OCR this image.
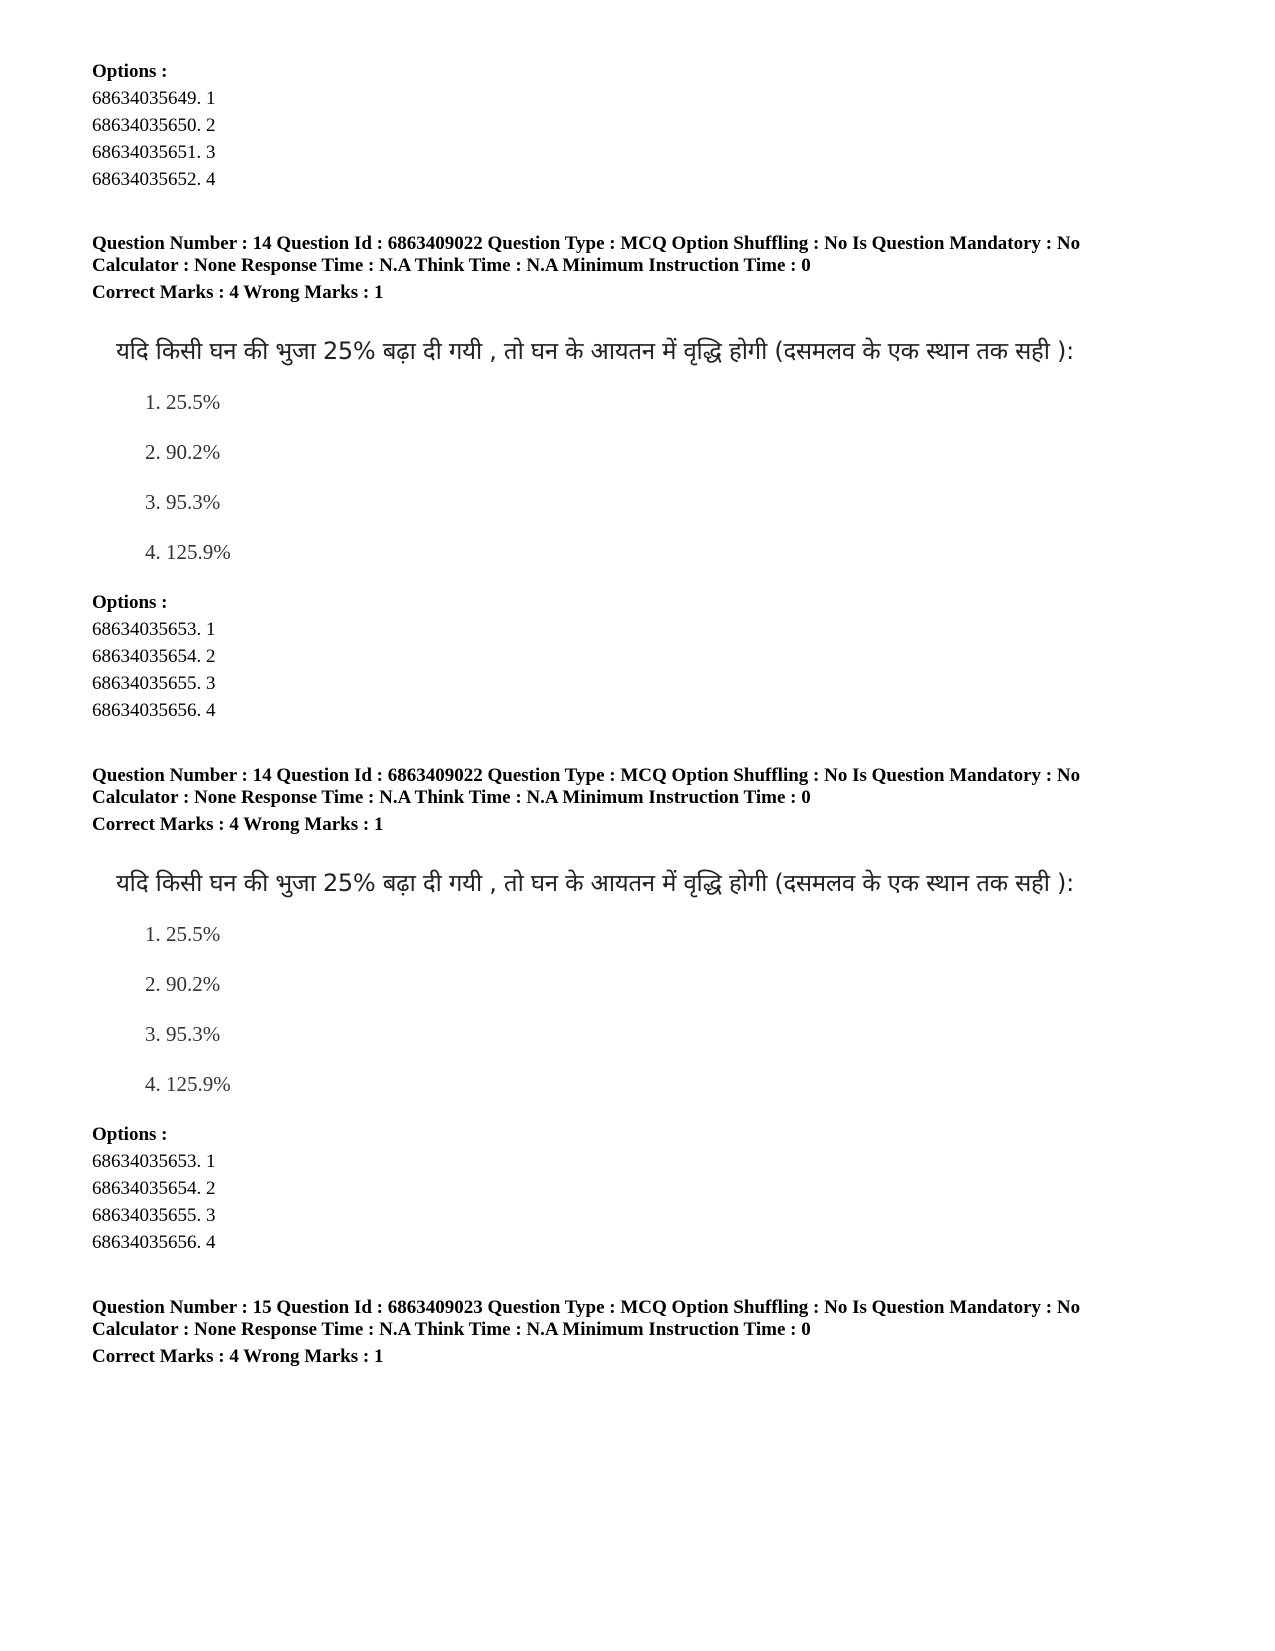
Options :
68634035649. 1
68634035650. 2
68634035651. 3
68634035652. 4
Question Number : 14 Question Id : 6863409022 Question Type : MCQ Option Shuffling : No Is Question Mandatory : No
Calculator : None Response Time : N.A Think Time : N.A Minimum Instruction Time : 0
Correct Marks : 4 Wrong Marks : 1
यदि किसी घन की भुजा 25% बढ़ा दी गयी , तो घन के आयतन में वृद्धि होगी (दसमलव के एक स्थान तक सही ):
1. 25.5%
2. 90.2%
3. 95.3%
4. 125.9%
Options :
68634035653. 1
68634035654. 2
68634035655. 3
68634035656. 4
Question Number : 14 Question Id : 6863409022 Question Type : MCQ Option Shuffling : No Is Question Mandatory : No
Calculator : None Response Time : N.A Think Time : N.A Minimum Instruction Time : 0
Correct Marks : 4 Wrong Marks : 1
यदि किसी घन की भुजा 25% बढ़ा दी गयी , तो घन के आयतन में वृद्धि होगी (दसमलव के एक स्थान तक सही ):
1. 25.5%
2. 90.2%
3. 95.3%
4. 125.9%
Options :
68634035653. 1
68634035654. 2
68634035655. 3
68634035656. 4
Question Number : 15 Question Id : 6863409023 Question Type : MCQ Option Shuffling : No Is Question Mandatory : No
Calculator : None Response Time : N.A Think Time : N.A Minimum Instruction Time : 0
Correct Marks : 4 Wrong Marks : 1
